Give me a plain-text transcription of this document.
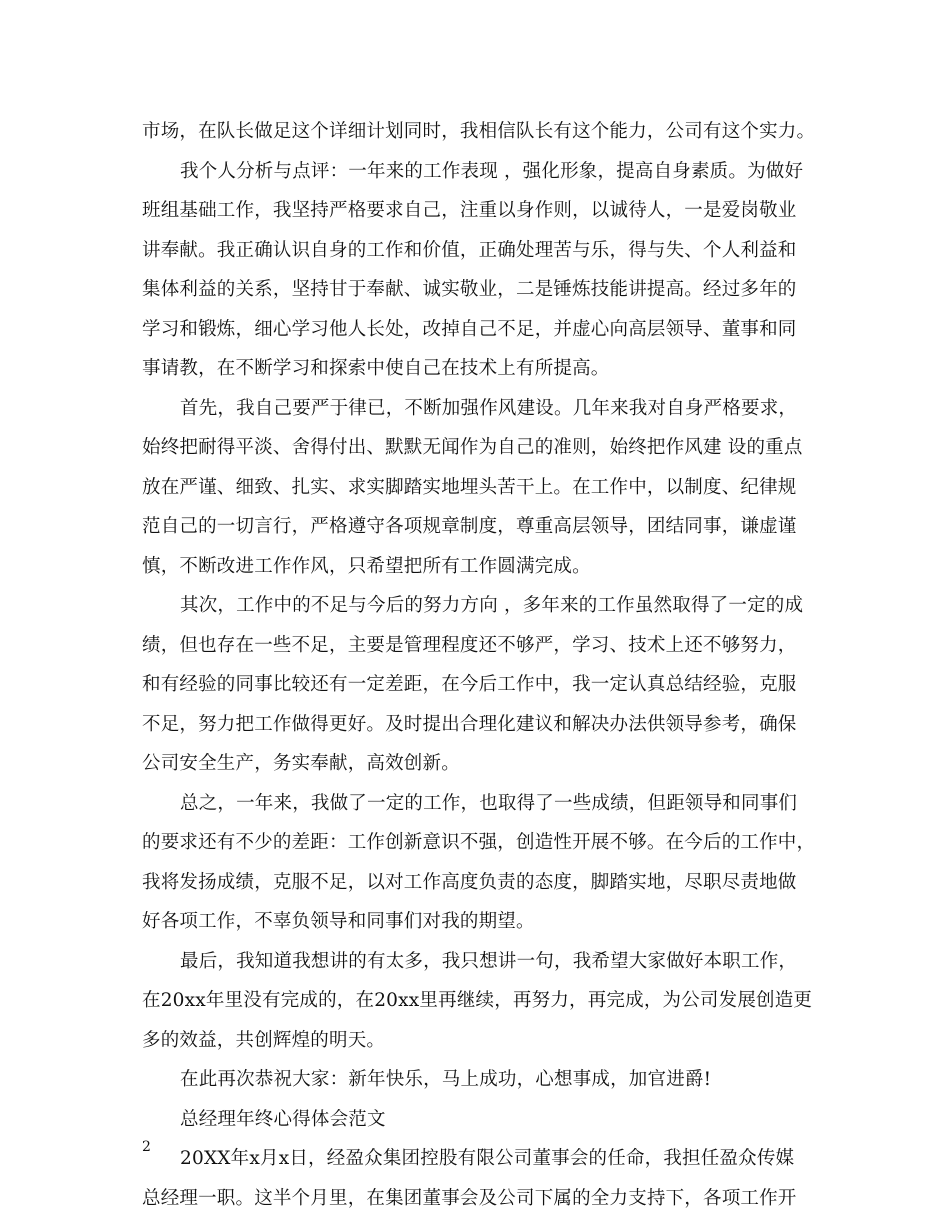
市场，在队长做足这个详细计划同时，我相信队长有这个能力，公司有这个实力。
我个人分析与点评：一年来的工作表现 ，强化形象，提高自身素质。为做好
班组基础工作，我坚持严格要求自己，注重以身作则，以诚待人，一是爱岗敬业
讲奉献。我正确认识自身的工作和价值，正确处理苦与乐，得与失、个人利益和
集体利益的关系，坚持甘于奉献、诚实敬业，二是锤炼技能讲提高。经过多年的
学习和锻炼，细心学习他人长处，改掉自己不足，并虚心向高层领导、董事和同
事请教，在不断学习和探索中使自己在技术上有所提高。
首先，我自己要严于律已，不断加强作风建设。几年来我对自身严格要求，
始终把耐得平淡、舍得付出、默默无闻作为自己的准则，始终把作风建 设的重点
放在严谨、细致、扎实、求实脚踏实地埋头苦干上。在工作中，以制度、纪律规
范自己的一切言行，严格遵守各项规章制度，尊重高层领导，团结同事，谦虚谨
慎，不断改进工作作风，只希望把所有工作圆满完成。
其次，工作中的不足与今后的努力方向 ，多年来的工作虽然取得了一定的成
绩，但也存在一些不足，主要是管理程度还不够严，学习、技术上还不够努力，
和有经验的同事比较还有一定差距，在今后工作中，我一定认真总结经验，克服
不足，努力把工作做得更好。及时提出合理化建议和解决办法供领导参考，确保
公司安全生产，务实奉献，高效创新。
总之，一年来，我做了一定的工作，也取得了一些成绩，但距领导和同事们
的要求还有不少的差距：工作创新意识不强，创造性开展不够。在今后的工作中，
我将发扬成绩，克服不足，以对工作高度负责的态度，脚踏实地，尽职尽责地做
好各项工作，不辜负领导和同事们对我的期望。
最后，我知道我想讲的有太多，我只想讲一句，我希望大家做好本职工作，
在20xx年里没有完成的，在20xx里再继续，再努力，再完成，为公司发展创造更
多的效益，共创辉煌的明天。
在此再次恭祝大家：新年快乐，马上成功，心想事成，加官进爵!
总经理年终心得体会范文
20XX年x月x日，经盈众集团控股有限公司董事会的任命，我担任盈众传媒
总经理一职。这半个月里，在集团董事会及公司下属的全力支持下，各项工作开
2
